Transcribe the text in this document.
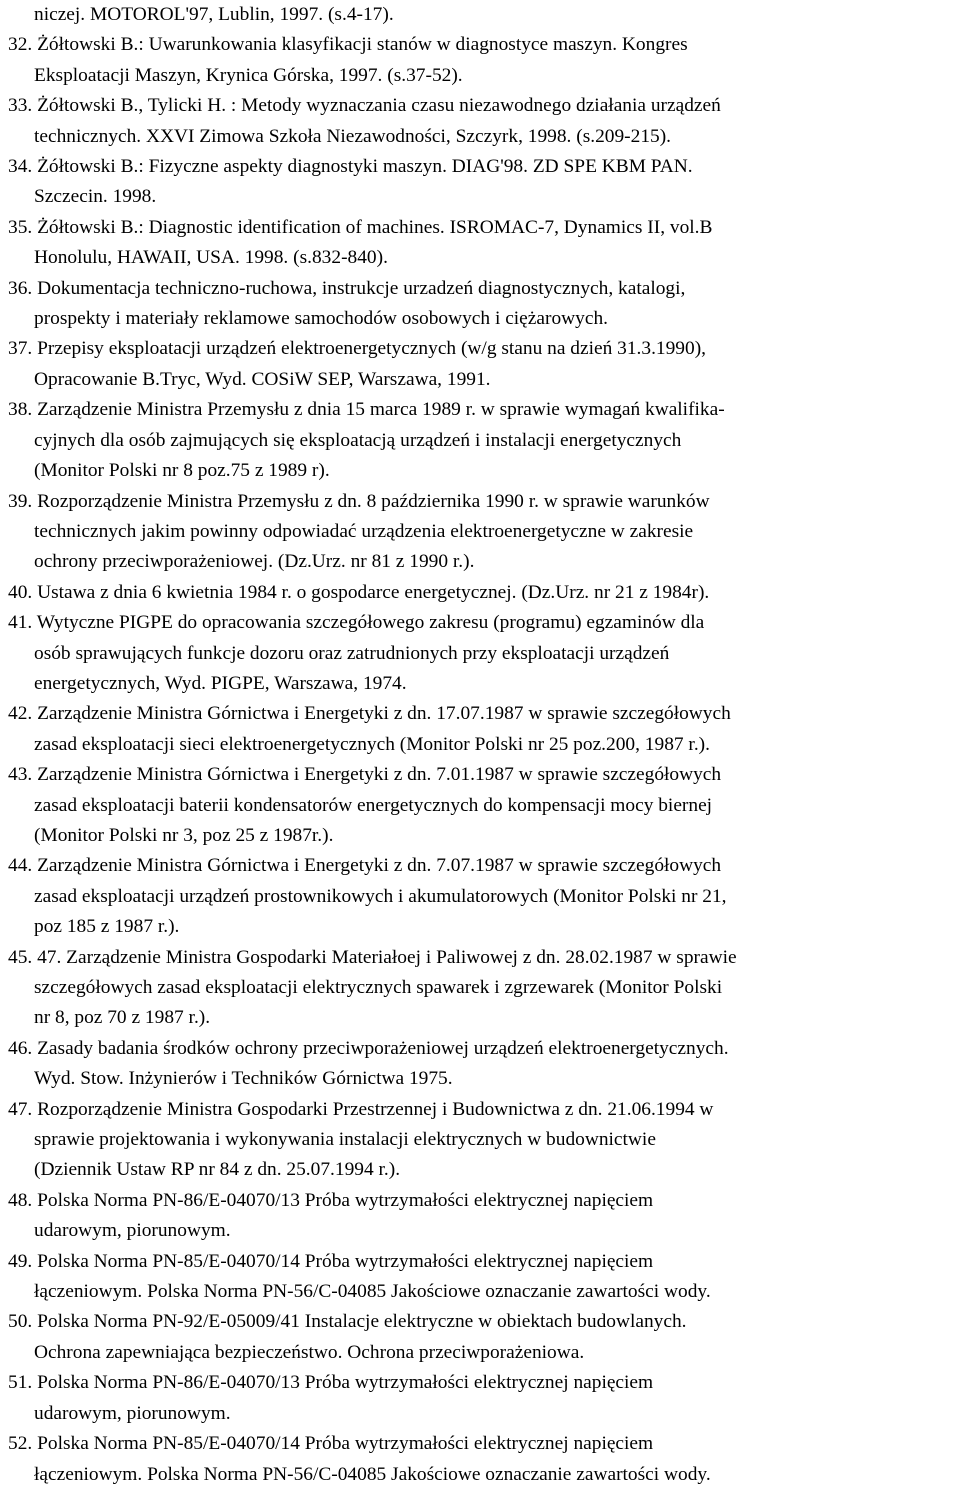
niczej. MOTOROL'97, Lublin, 1997. (s.4-17).
32. Żółtowski B.: Uwarunkowania klasyfikacji stanów w diagnostyce maszyn. Kongres
Eksploatacji Maszyn, Krynica Górska, 1997. (s.37-52).
33. Żółtowski B., Tylicki H. : Metody wyznaczania czasu niezawodnego działania urządzeń
technicznych. XXVI Zimowa Szkoła Niezawodności, Szczyrk, 1998. (s.209-215).
34. Żółtowski B.: Fizyczne aspekty diagnostyki maszyn. DIAG'98. ZD SPE KBM PAN.
Szczecin. 1998.
35. Żółtowski B.: Diagnostic identification of machines. ISROMAC-7, Dynamics II, vol.B
Honolulu, HAWAII, USA. 1998. (s.832-840).
36. Dokumentacja techniczno-ruchowa, instrukcje urzadzeń diagnostycznych, katalogi,
prospekty i materiały reklamowe samochodów osobowych i ciężarowych.
37. Przepisy eksploatacji urządzeń elektroenergetycznych (w/g stanu na dzień 31.3.1990),
Opracowanie B.Tryc, Wyd. COSiW SEP, Warszawa, 1991.
38. Zarządzenie Ministra Przemysłu z dnia 15 marca 1989 r. w sprawie wymagań kwalifika-
cyjnych dla osób zajmujących się eksploatacją urządzeń i instalacji energetycznych
(Monitor Polski nr 8 poz.75 z 1989 r).
39. Rozporządzenie Ministra Przemysłu z dn. 8 października 1990 r. w sprawie warunków
technicznych jakim powinny odpowiadać urządzenia elektroenergetyczne w zakresie
ochrony przeciwporażeniowej. (Dz.Urz. nr 81 z 1990 r.).
40. Ustawa z dnia 6 kwietnia 1984 r. o gospodarce energetycznej. (Dz.Urz. nr 21 z 1984r).
41. Wytyczne PIGPE do opracowania szczegółowego zakresu (programu) egzaminów dla
osób sprawujących funkcje dozoru oraz zatrudnionych przy eksploatacji urządzeń
energetycznych, Wyd. PIGPE, Warszawa, 1974.
42. Zarządzenie Ministra Górnictwa i Energetyki z dn. 17.07.1987 w sprawie szczegółowych
zasad eksploatacji sieci elektroenergetycznych (Monitor Polski nr 25 poz.200, 1987 r.).
43. Zarządzenie Ministra Górnictwa i Energetyki z dn. 7.01.1987 w sprawie szczegółowych
zasad eksploatacji baterii kondensatorów energetycznych do kompensacji mocy biernej
(Monitor Polski nr 3, poz 25 z 1987r.).
44. Zarządzenie Ministra Górnictwa i Energetyki z dn. 7.07.1987 w sprawie szczegółowych
zasad eksploatacji urządzeń prostownikowych i akumulatorowych (Monitor Polski nr 21,
poz 185 z 1987 r.).
45. 47. Zarządzenie Ministra Gospodarki Materiałoej i Paliwowej z dn. 28.02.1987 w sprawie
szczegółowych zasad eksploatacji elektrycznych spawarek i zgrzewarek (Monitor Polski
nr 8, poz 70 z 1987 r.).
46. Zasady badania środków ochrony przeciwporażeniowej urządzeń elektroenergetycznych.
Wyd. Stow. Inżynierów i Techników Górnictwa 1975.
47. Rozporządzenie Ministra Gospodarki Przestrzennej i Budownictwa z dn. 21.06.1994 w
sprawie projektowania i wykonywania instalacji elektrycznych w budownictwie
(Dziennik Ustaw RP nr 84 z dn. 25.07.1994 r.).
48. Polska Norma PN-86/E-04070/13 Próba wytrzymałości elektrycznej napięciem
udarowym, piorunowym.
49. Polska Norma PN-85/E-04070/14 Próba wytrzymałości elektrycznej napięciem
łączeniowym. Polska Norma PN-56/C-04085 Jakościowe oznaczanie zawartości wody.
50. Polska Norma PN-92/E-05009/41 Instalacje elektryczne w obiektach budowlanych.
Ochrona zapewniająca bezpieczeństwo. Ochrona przeciwporażeniowa.
51. Polska Norma PN-86/E-04070/13 Próba wytrzymałości elektrycznej napięciem
udarowym, piorunowym.
52. Polska Norma PN-85/E-04070/14 Próba wytrzymałości elektrycznej napięciem
łączeniowym. Polska Norma PN-56/C-04085 Jakościowe oznaczanie zawartości wody.
